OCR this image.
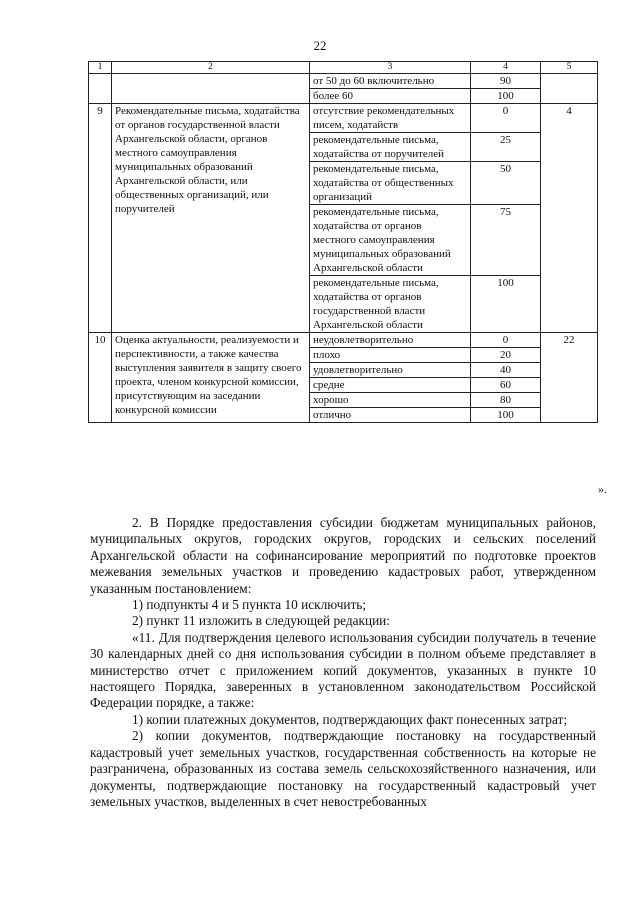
22
1	2	3	4	5
		от 50 до 60 включительно	90	
		более 60	100	
9	Рекомендательные письма, ходатайства от органов государственной власти Архангельской области, органов местного самоуправления муниципальных образований Архангельской области, или общественных организаций, или поручителей	отсутствие рекомендательных писем, ходатайств	0	4
		рекомендательные письма, ходатайства от поручителей	25	
		рекомендательные письма, ходатайства от общественных организаций	50	
		рекомендательные письма, ходатайства от органов местного самоуправления муниципальных образований Архангельской области	75	
		рекомендательные письма, ходатайства от органов государственной власти Архангельской области	100	
10	Оценка актуальности, реализуемости и перспективности, а также качества выступления заявителя в защиту своего проекта, членом конкурсной комиссии, присутствующим на заседании конкурсной комиссии	неудовлетворительно	0	22
		плохо	20	
		удовлетворительно	40	
		средне	60	
		хорошо	80	
		отлично	100	
».

2. В Порядке предоставления субсидии бюджетам муниципальных районов, муниципальных округов, городских округов, городских и сельских поселений Архангельской области на софинансирование мероприятий по подготовке проектов межевания земельных участков и проведению кадастровых работ, утвержденном указанным постановлением:

1) подпункты 4 и 5 пункта 10 исключить;

2) пункт 11 изложить в следующей редакции:

«11. Для подтверждения целевого использования субсидии получатель в течение 30 календарных дней со дня использования субсидии в полном объеме представляет в министерство отчет с приложением копий документов, указанных в пункте 10 настоящего Порядка, заверенных в установленном законодательством Российской Федерации порядке, а также:

1) копии платежных документов, подтверждающих факт понесенных затрат;

2) копии документов, подтверждающие постановку на государственный кадастровый учет земельных участков, государственная собственность на которые не разграничена, образованных из состава земель сельскохозяйственного назначения, или документы, подтверждающие постановку на государственный кадастровый учет земельных участков, выделенных в счет невостребованных
